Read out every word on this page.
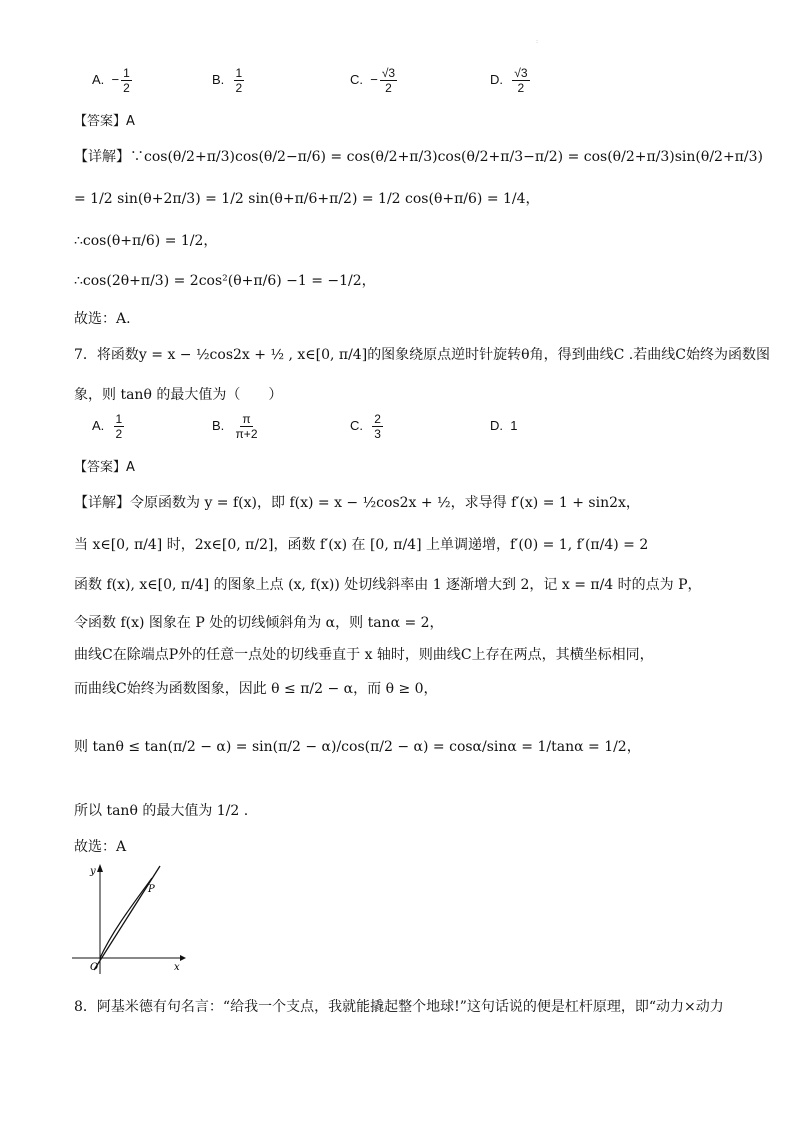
:
A. − $\frac{1}{2}$	B. $\frac{1}{2}$	C. − $\frac{√3}{2}$	D. $\frac{√3}{2}$
【答案】A
【详解】∵cos(θ/2+π/3)cos(θ/2−π/6) = cos(θ/2+π/3)cos(θ/2+π/3−π/2) = cos(θ/2+π/3)sin(θ/2+π/3)
= 1/2 sin(θ+2π/3) = 1/2 sin(θ+π/6+π/2) = 1/2 cos(θ+π/6) = 1/4，
∴cos(θ+π/6) = 1/2，
∴cos(2θ+π/3) = 2cos²(θ+π/6) −1 = −1/2，
故选：A.
7．将函数y = x − ½cos2x + ½ , x∈[0, π/4]的图象绕原点逆时针旋转θ角，得到曲线C .若曲线C始终为函数图
象，则 tanθ 的最大值为（　　）
A. $\frac{1}{2}$	B. $\frac{\pi}{\pi+2}$	C. $\frac{2}{3}$	D. 1
【答案】A
【详解】令原函数为 y = f(x)，即 f(x) = x − ½cos2x + ½，求导得 f′(x) = 1 + sin2x，
当 x∈[0, π/4] 时，2x∈[0, π/2]，函数 f′(x) 在 [0, π/4] 上单调递增，f′(0) = 1, f′(π/4) = 2
函数 f(x), x∈[0, π/4] 的图象上点 (x, f(x)) 处切线斜率由 1 逐渐增大到 2，记 x = π/4 时的点为 P，
令函数 f(x) 图象在 P 处的切线倾斜角为 α，则 tanα = 2，
曲线C在除端点P外的任意一点处的切线垂直于 x 轴时，则曲线C上存在两点，其横坐标相同，
而曲线C始终为函数图象，因此 θ ≤ π/2 − α，而 θ ≥ 0，
则 tanθ ≤ tan(π/2 − α) = sin(π/2 − α)/cos(π/2 − α) = cosα/sinα = 1/tanα = 1/2，
所以 tanθ 的最大值为 1/2 .
故选：A
y
x
O
P
8．阿基米德有句名言：“给我一个支点，我就能撬起整个地球!”这句话说的便是杠杆原理，即“动力×动力
